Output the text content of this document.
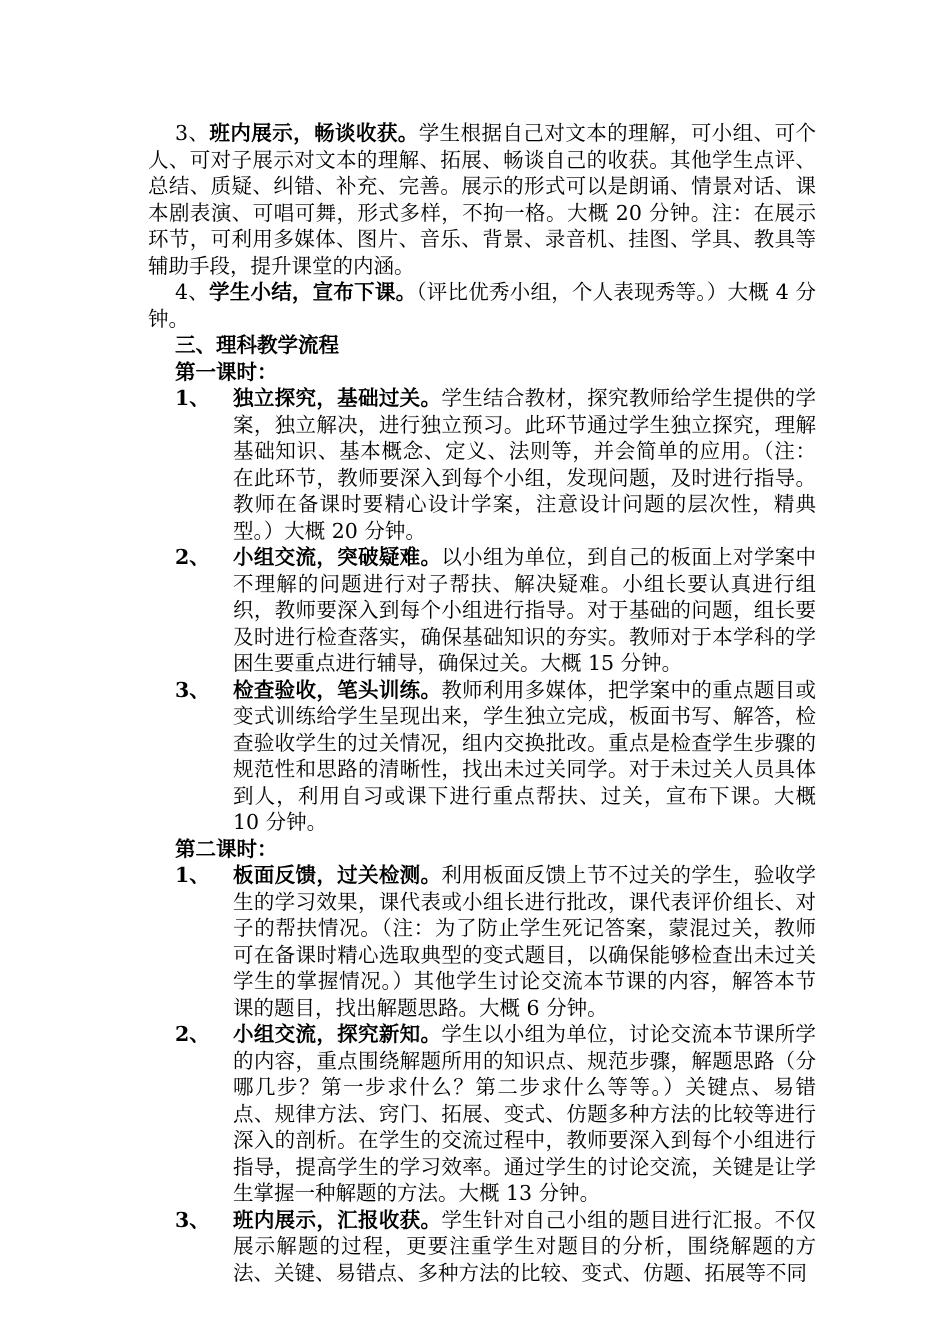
3、班内展示，畅谈收获。学生根据自己对文本的理解，可小组、可个人、可对子展示对文本的理解、拓展、畅谈自己的收获。其他学生点评、总结、质疑、纠错、补充、完善。展示的形式可以是朗诵、情景对话、课本剧表演、可唱可舞，形式多样，不拘一格。大概 20 分钟。注：在展示环节，可利用多媒体、图片、音乐、背景、录音机、挂图、学具、教具等辅助手段，提升课堂的内涵。

4、学生小结，宣布下课。（评比优秀小组，个人表现秀等。）大概 4 分钟。

三、理科教学流程

第一课时：

1、 独立探究，基础过关。学生结合教材，探究教师给学生提供的学案，独立解决，进行独立预习。此环节通过学生独立探究，理解基础知识、基本概念、定义、法则等，并会简单的应用。（注：在此环节，教师要深入到每个小组，发现问题，及时进行指导。教师在备课时要精心设计学案，注意设计问题的层次性，精典型。）大概 20 分钟。
2、 小组交流，突破疑难。以小组为单位，到自己的板面上对学案中不理解的问题进行对子帮扶、解决疑难。小组长要认真进行组织，教师要深入到每个小组进行指导。对于基础的问题，组长要及时进行检查落实，确保基础知识的夯实。教师对于本学科的学困生要重点进行辅导，确保过关。大概 15 分钟。
3、 检查验收，笔头训练。教师利用多媒体，把学案中的重点题目或变式训练给学生呈现出来，学生独立完成，板面书写、解答，检查验收学生的过关情况，组内交换批改。重点是检查学生步骤的规范性和思路的清晰性，找出未过关同学。对于未过关人员具体到人，利用自习或课下进行重点帮扶、过关，宣布下课。大概 10 分钟。

第二课时：

1、 板面反馈，过关检测。利用板面反馈上节不过关的学生，验收学生的学习效果，课代表或小组长进行批改，课代表评价组长、对子的帮扶情况。（注：为了防止学生死记答案，蒙混过关，教师可在备课时精心选取典型的变式题目，以确保能够检查出未过关学生的掌握情况。）其他学生讨论交流本节课的内容，解答本节课的题目，找出解题思路。大概 6 分钟。
2、 小组交流，探究新知。学生以小组为单位，讨论交流本节课所学的内容，重点围绕解题所用的知识点、规范步骤，解题思路（分哪几步？第一步求什么？第二步求什么等等。）关键点、易错点、规律方法、窍门、拓展、变式、仿题多种方法的比较等进行深入的剖析。在学生的交流过程中，教师要深入到每个小组进行指导，提高学生的学习效率。通过学生的讨论交流，关键是让学生掌握一种解题的方法。大概 13 分钟。
3、 班内展示，汇报收获。学生针对自己小组的题目进行汇报。不仅展示解题的过程，更要注重学生对题目的分析，围绕解题的方法、关键、易错点、多种方法的比较、变式、仿题、拓展等不同
